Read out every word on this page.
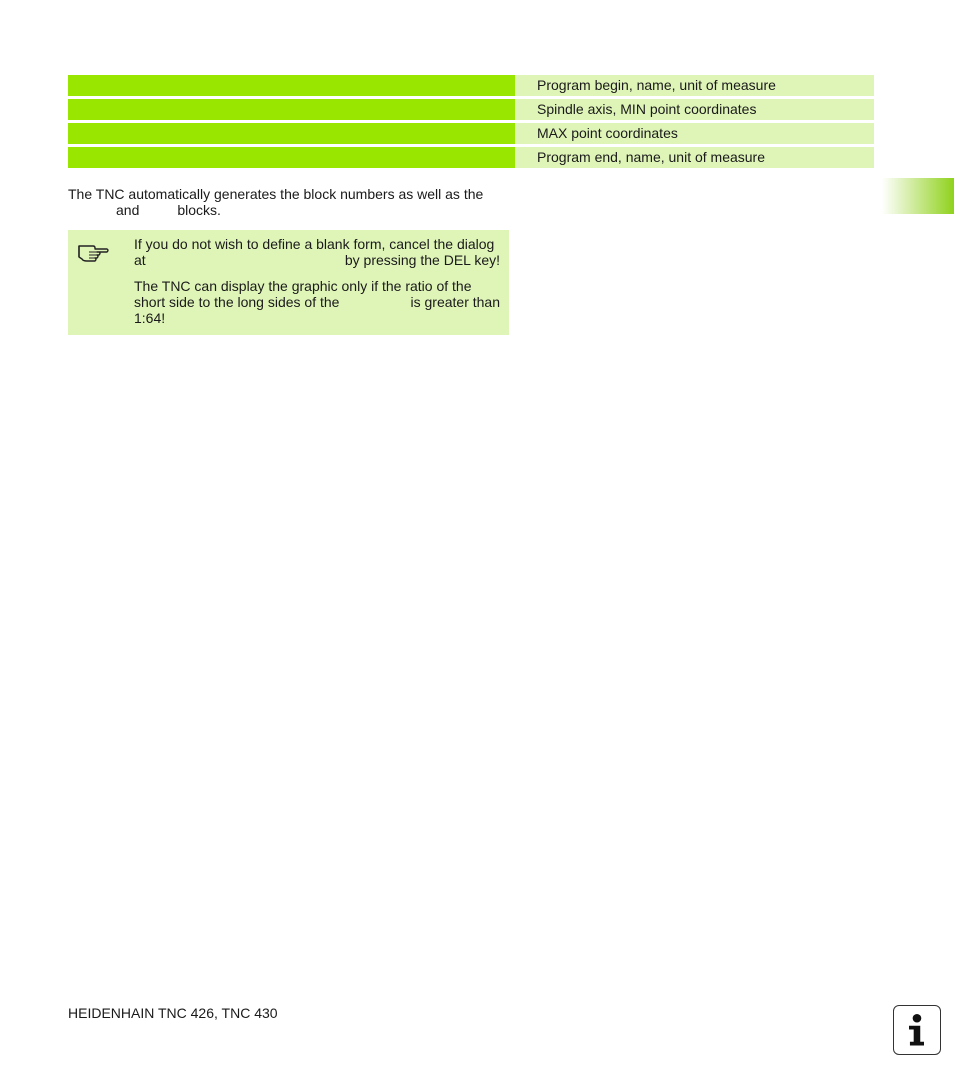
Program begin, name, unit of measure
Spindle axis, MIN point coordinates
MAX point coordinates
Program end, name, unit of measure
The TNC automatically generates the block numbers as well as the
and	blocks.
If you do not wish to define a blank form, cancel the dialog
at	by pressing the DEL key!
The TNC can display the graphic only if the ratio of the
short side to the long sides of the	is greater than
1:64!
HEIDENHAIN TNC 426, TNC 430
